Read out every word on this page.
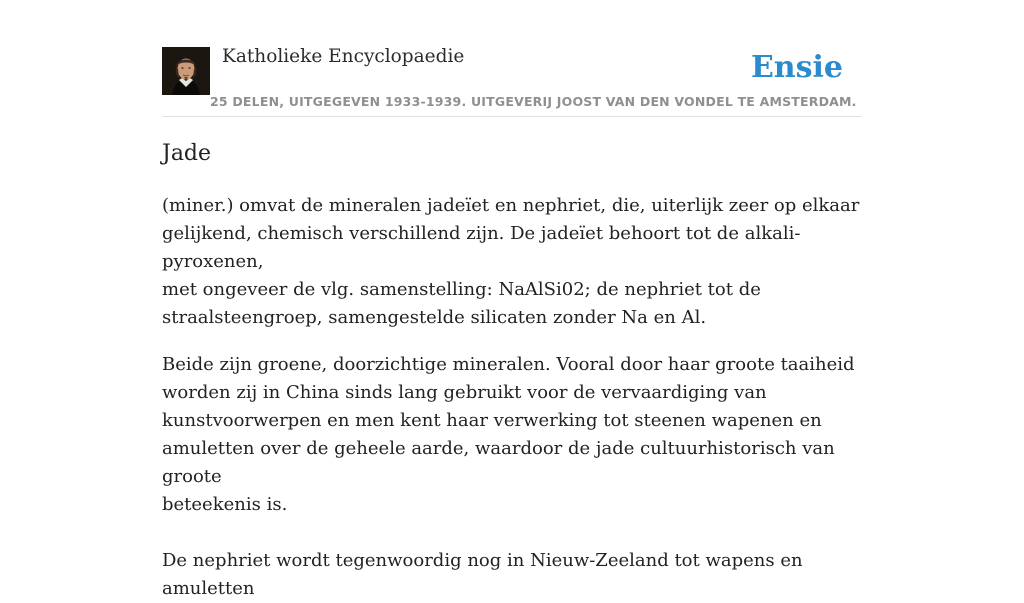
Katholieke Encyclopaedie
25 DELEN, UITGEGEVEN 1933-1939. UITGEVERIJ JOOST VAN DEN VONDEL TE AMSTERDAM.
Ensie
Jade

(miner.) omvat de mineralen jadeïet en nephriet, die, uiterlijk zeer op elkaar
gelijkend, chemisch verschillend zijn. De jadeïet behoort tot de alkali-pyroxenen,
met ongeveer de vlg. samenstelling: NaAlSi02; de nephriet tot de
straalsteengroep, samengestelde silicaten zonder Na en Al.

Beide zijn groene, doorzichtige mineralen. Vooral door haar groote taaiheid
worden zij in China sinds lang gebruikt voor de vervaardiging van
kunstvoorwerpen en men kent haar verwerking tot steenen wapenen en
amuletten over de geheele aarde, waardoor de jade cultuurhistorisch van groote
beteekenis is.

De nephriet wordt tegenwoordig nog in Nieuw-Zeeland tot wapens en amuletten
